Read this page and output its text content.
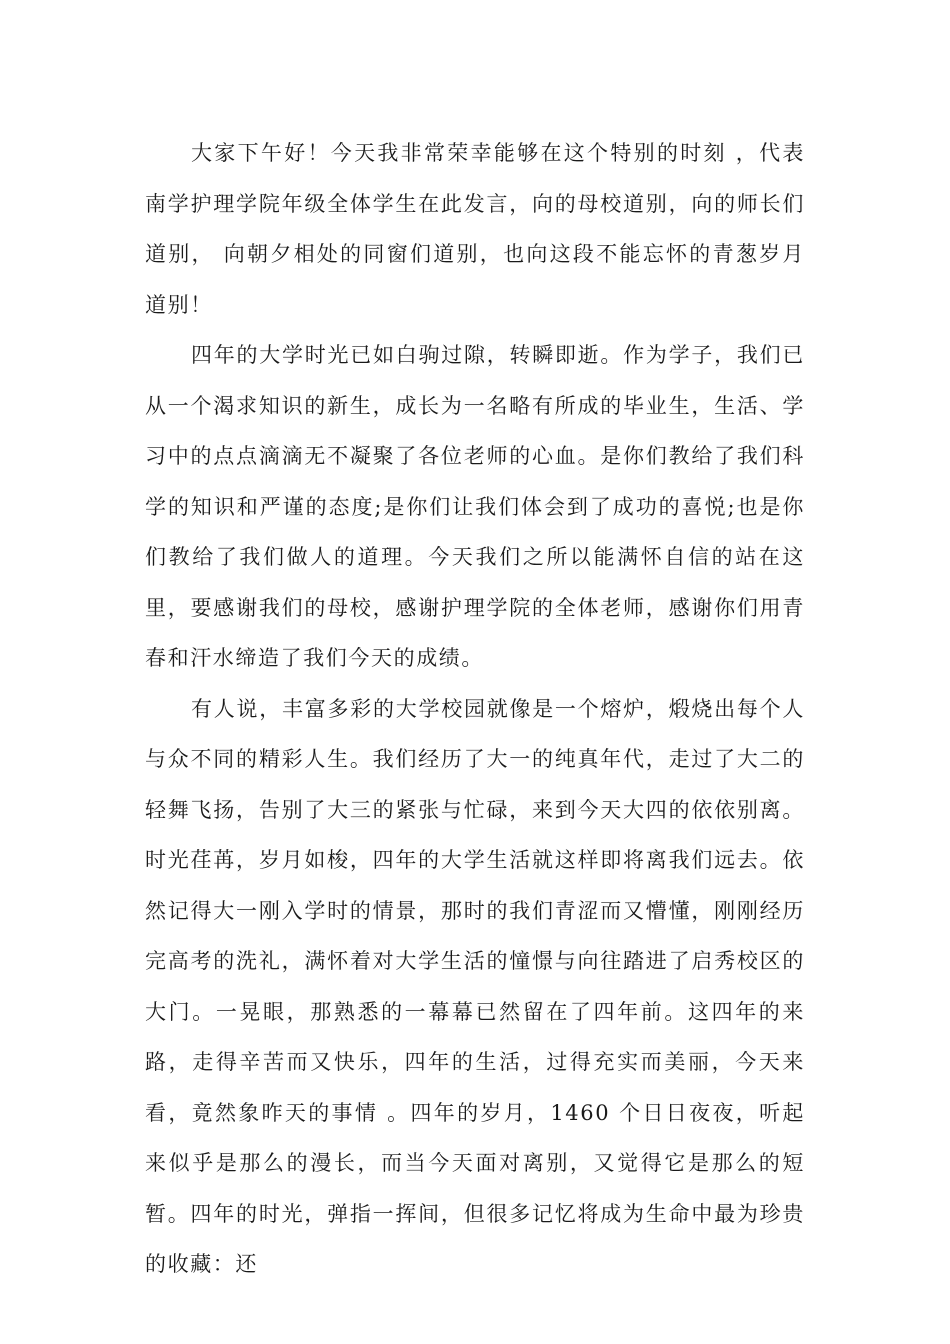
大家下午好！今天我非常荣幸能够在这个特别的时刻 ，代表南学护理学院年级全体学生在此发言，向的母校道别，向的师长们道别， 向朝夕相处的同窗们道别，也向这段不能忘怀的青葱岁月道别！

四年的大学时光已如白驹过隙，转瞬即逝。作为学子，我们已从一个渴求知识的新生，成长为一名略有所成的毕业生，生活、学习中的点点滴滴无不凝聚了各位老师的心血。是你们教给了我们科学的知识和严谨的态度;是你们让我们体会到了成功的喜悦;也是你们教给了我们做人的道理。今天我们之所以能满怀自信的站在这里，要感谢我们的母校，感谢护理学院的全体老师，感谢你们用青春和汗水缔造了我们今天的成绩。

有人说，丰富多彩的大学校园就像是一个熔炉，煅烧出每个人与众不同的精彩人生。我们经历了大一的纯真年代，走过了大二的轻舞飞扬，告别了大三的紧张与忙碌，来到今天大四的依依别离。时光荏苒，岁月如梭，四年的大学生活就这样即将离我们远去。依然记得大一刚入学时的情景，那时的我们青涩而又懵懂，刚刚经历完高考的洗礼，满怀着对大学生活的憧憬与向往踏进了启秀校区的大门。一晃眼，那熟悉的一幕幕已然留在了四年前。这四年的来路，走得辛苦而又快乐，四年的生活，过得充实而美丽，今天来看，竟然象昨天的事情 。四年的岁月，1460 个日日夜夜，听起来似乎是那么的漫长，而当今天面对离别，又觉得它是那么的短暂。四年的时光，弹指一挥间，但很多记忆将成为生命中最为珍贵的收藏：还
